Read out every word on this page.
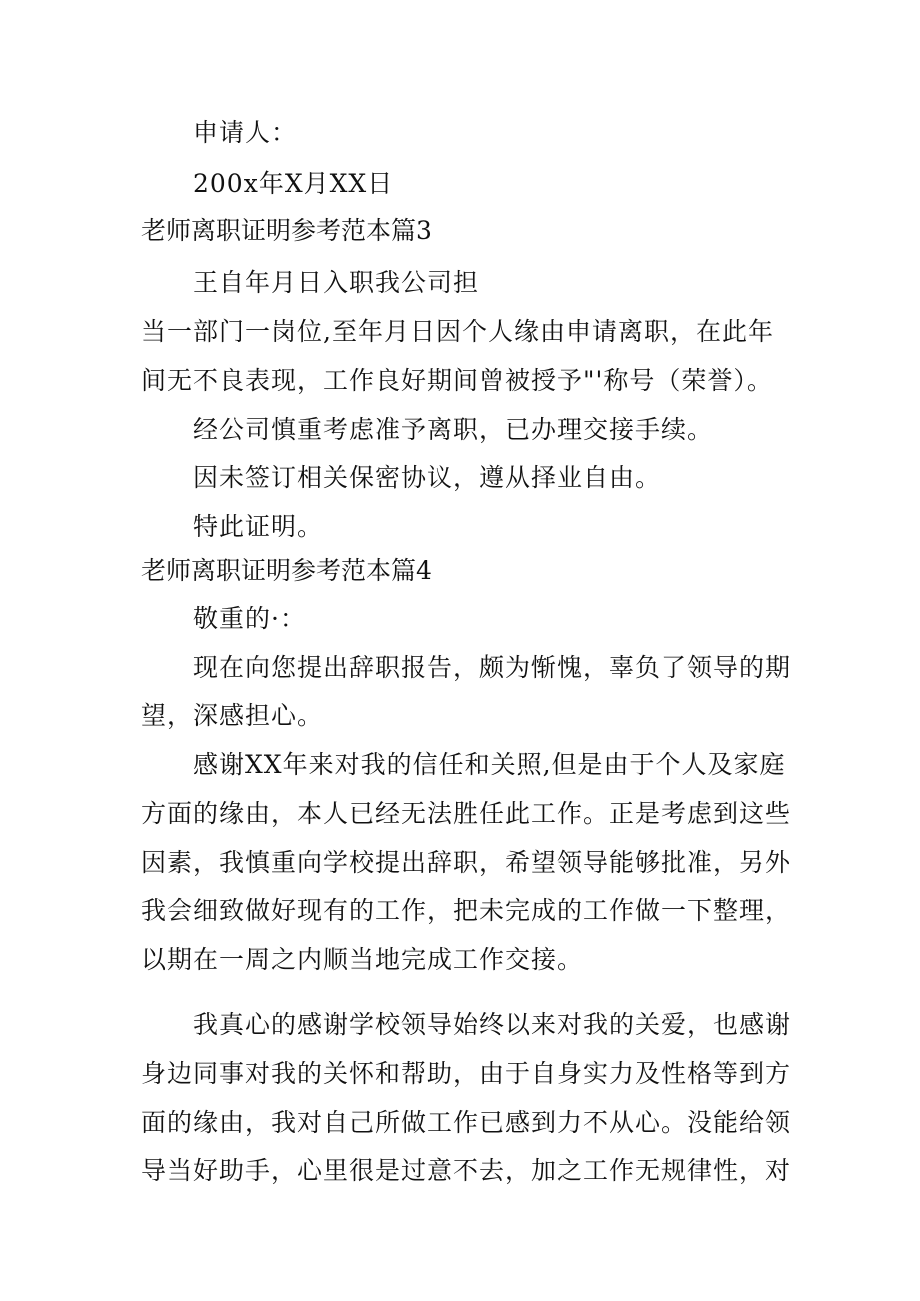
申请人：
200x年X月XX日
老师离职证明参考范本篇3
王自年月日入职我公司担
当一部门一岗位,至年月日因个人缘由申请离职，在此年
间无不良表现，工作良好期间曾被授予"'称号（荣誉）。
经公司慎重考虑准予离职，已办理交接手续。
因未签订相关保密协议，遵从择业自由。
特此证明。
老师离职证明参考范本篇4
敬重的·：
现在向您提出辞职报告，颇为惭愧，辜负了领导的期
望，深感担心。
感谢XX年来对我的信任和关照,但是由于个人及家庭
方面的缘由，本人已经无法胜任此工作。正是考虑到这些
因素，我慎重向学校提出辞职，希望领导能够批准，另外
我会细致做好现有的工作，把未完成的工作做一下整理，
以期在一周之内顺当地完成工作交接。
我真心的感谢学校领导始终以来对我的关爱，也感谢
身边同事对我的关怀和帮助，由于自身实力及性格等到方
面的缘由，我对自己所做工作已感到力不从心。没能给领
导当好助手，心里很是过意不去，加之工作无规律性，对
